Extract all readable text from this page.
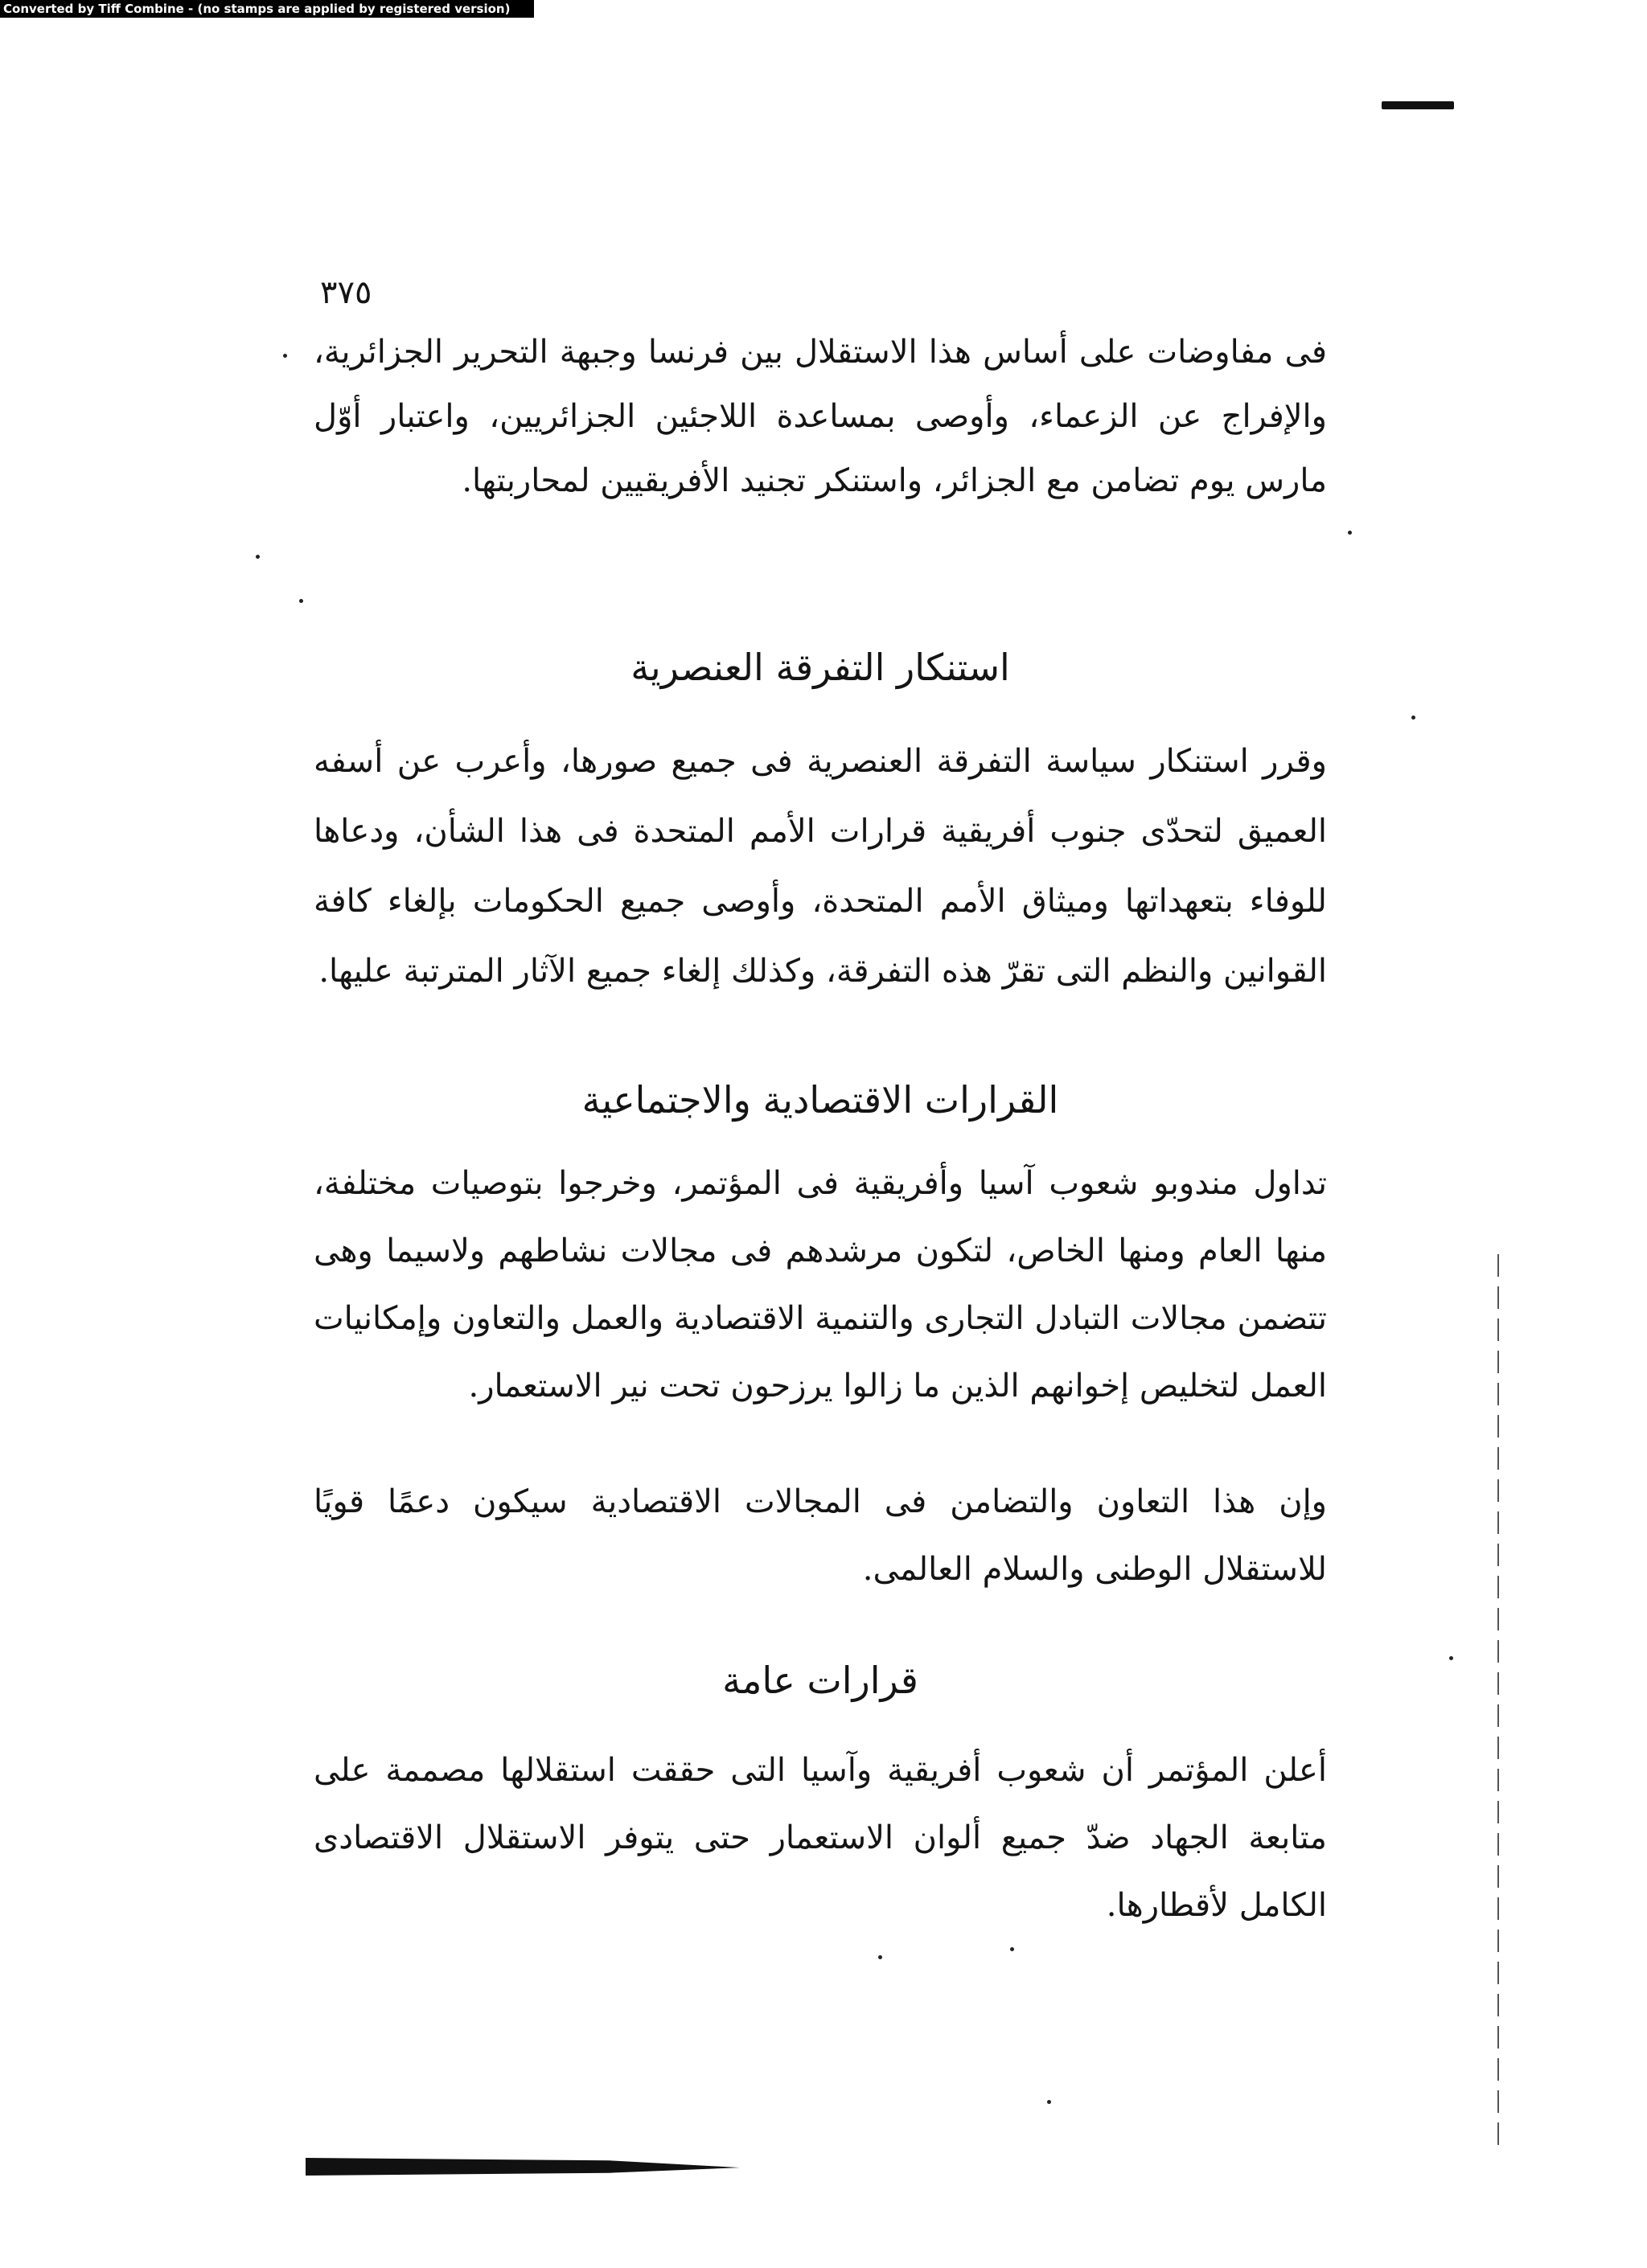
Converted by Tiff Combine - (no stamps are applied by registered version)
٣٧٥

فى مفاوضات على أساس هذا الاستقلال بين فرنسا وجبهة التحرير الجزائرية، والإفراج عن الزعماء، وأوصى بمساعدة اللاجئين الجزائريين، واعتبار أوّل مارس يوم تضامن مع الجزائر، واستنكر تجنيد الأفريقيين لمحاربتها.

استنكار التفرقة العنصرية

وقرر استنكار سياسة التفرقة العنصرية فى جميع صورها، وأعرب عن أسفه العميق لتحدّى جنوب أفريقية قرارات الأمم المتحدة فى هذا الشأن، ودعاها للوفاء بتعهداتها وميثاق الأمم المتحدة، وأوصى جميع الحكومات بإلغاء كافة القوانين والنظم التى تقرّ هذه التفرقة، وكذلك إلغاء جميع الآثار المترتبة عليها.

القرارات الاقتصادية والاجتماعية

تداول مندوبو شعوب آسيا وأفريقية فى المؤتمر، وخرجوا بتوصيات مختلفة، منها العام ومنها الخاص، لتكون مرشدهم فى مجالات نشاطهم ولاسيما وهى تتضمن مجالات التبادل التجارى والتنمية الاقتصادية والعمل والتعاون وإمكانيات العمل لتخليص إخوانهم الذين ما زالوا يرزحون تحت نير الاستعمار.

وإن هذا التعاون والتضامن فى المجالات الاقتصادية سيكون دعمًا قويًا للاستقلال الوطنى والسلام العالمى.

قرارات عامة

أعلن المؤتمر أن شعوب أفريقية وآسيا التى حققت استقلالها مصممة على متابعة الجهاد ضدّ جميع ألوان الاستعمار حتى يتوفر الاستقلال الاقتصادى الكامل لأقطارها.
